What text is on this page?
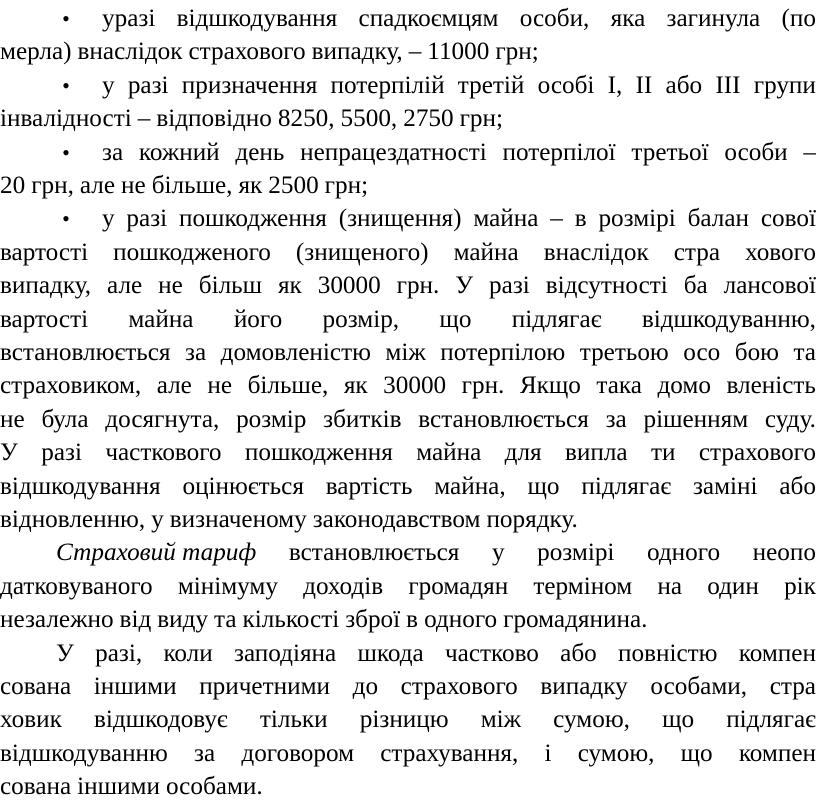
• уразі відшкодування спадкоємцям особи, яка загинула (по
мерла) внаслідок страхового випадку, – 11000 грн;
• у разі призначення потерпілій третій особі І, ІІ або ІІІ групи
інвалідності – відповідно 8250, 5500, 2750 грн;
• за кожний день непрацездатності потерпілої третьої особи –
20 грн, але не більше, як 2500 грн;
• у разі пошкодження (знищення) майна – в розмірі балан сової
вартості пошкодженого (знищеного) майна внаслідок стра хового
випадку, але не більш як 30000 грн. У разі відсутності ба лансової
вартості майна його розмір, що підлягає відшкодуванню,
встановлюється за домовленістю між потерпілою третьою осо бою та
страховиком, але не більше, як 30000 грн. Якщо така домо вленість
не була досягнута, розмір збитків встановлюється за рішенням суду.
У разі часткового пошкодження майна для випла ти страхового
відшкодування оцінюється вартість майна, що підлягає заміні або
відновленню, у визначеному законодавством порядку.
Страховий тариф встановлюється у розмірі одного неопо
датковуваного мінімуму доходів громадян терміном на один рік
незалежно від виду та кількості зброї в одного громадянина.
У разі, коли заподіяна шкода частково або повністю компен
сована іншими причетними до страхового випадку особами, стра
ховик відшкодовує тільки різницю між сумою, що підлягає
відшкодуванню за договором страхування, і сумою, що компен
сована іншими особами.
